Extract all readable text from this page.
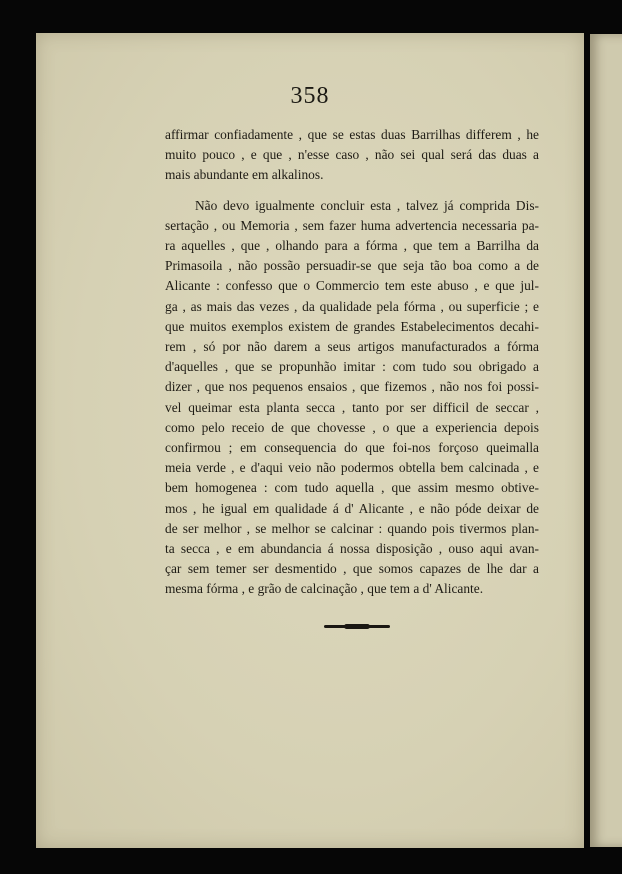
358
affirmar confiadamente , que se estas duas Barrilhas differem , he
muito pouco , e que , n'esse caso , não sei qual será das duas a
mais abundante em alkalinos.
Não devo igualmente concluir esta , talvez já comprida Dis-
sertação , ou Memoria , sem fazer huma advertencia necessaria pa-
ra aquelles , que , olhando para a fórma , que tem a Barrilha da
Primasoila , não possão persuadir-se que seja tão boa como a de
Alicante : confesso que o Commercio tem este abuso , e que jul-
ga , as mais das vezes , da qualidade pela fórma , ou superficie ; e
que muitos exemplos existem de grandes Estabelecimentos decahi-
rem , só por não darem a seus artigos manufacturados a fórma
d'aquelles , que se propunhão imitar : com tudo sou obrigado a
dizer , que nos pequenos ensaios , que fizemos , não nos foi possi-
vel queimar esta planta secca , tanto por ser difficil de seccar ,
como pelo receio de que chovesse , o que a experiencia depois
confirmou ; em consequencia do que foi-nos forçoso queimalla
meia verde , e d'aqui veio não podermos obtella bem calcinada , e
bem homogenea : com tudo aquella , que assim mesmo obtive-
mos , he igual em qualidade á d' Alicante , e não póde deixar de
de ser melhor , se melhor se calcinar : quando pois tivermos plan-
ta secca , e em abundancia á nossa disposição , ouso aqui avan-
çar sem temer ser desmentido , que somos capazes de lhe dar a
mesma fórma , e grão de calcinação , que tem a d' Alicante.
